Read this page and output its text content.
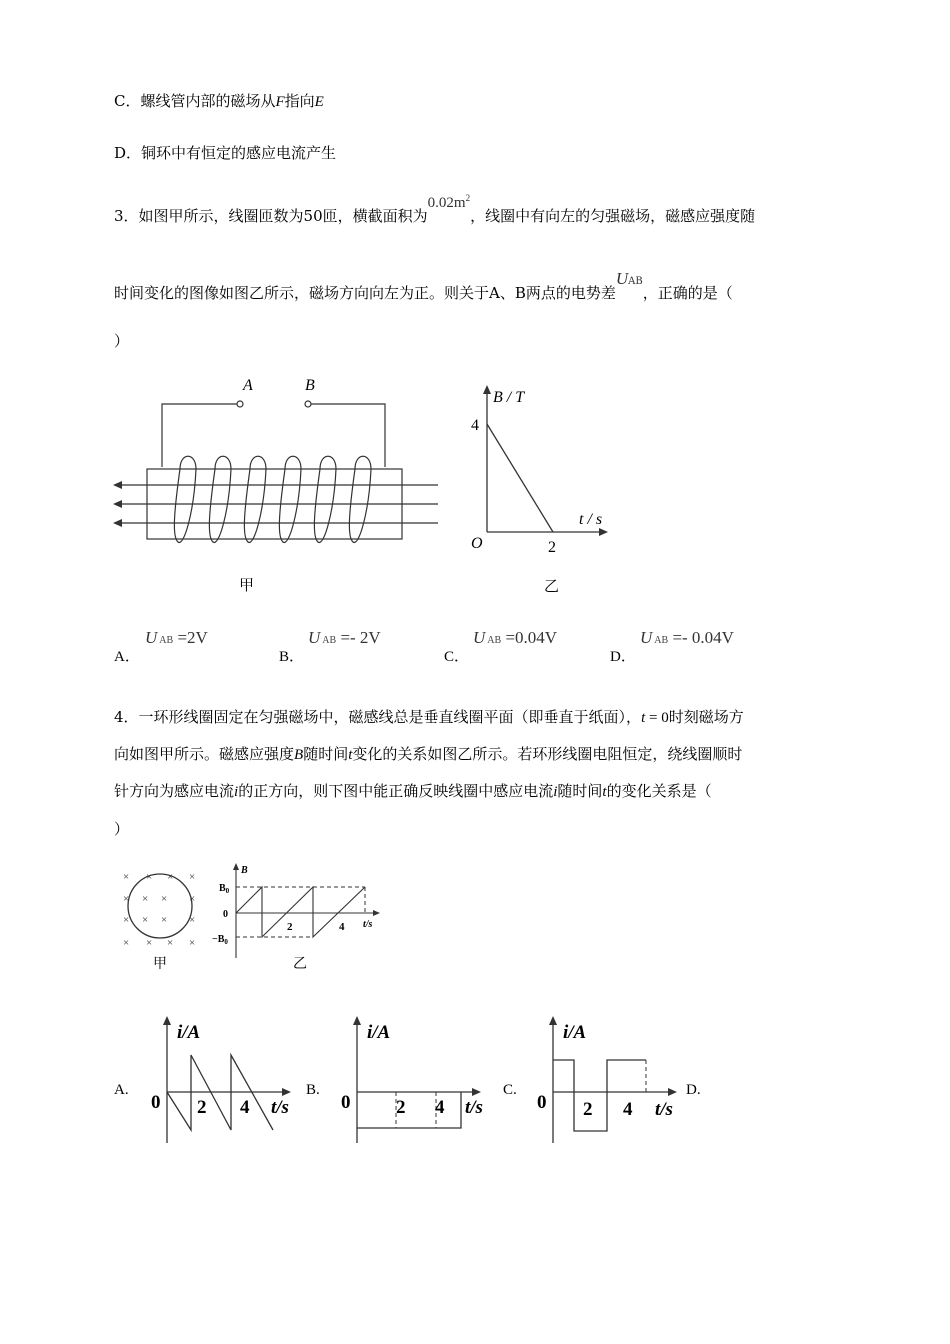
C．螺线管内部的磁场从F指向E
D．铜环中有恒定的感应电流产生
3．如图甲所示，线圈匝数为50匝，横截面积为$0.02m^2$，线圈中有向左的匀强磁场，磁感应强度随
时间变化的图像如图乙所示，磁场方向向左为正。则关于A、B两点的电势差UAB，正确的是（
）
A	B
甲
B / T
4
t / s
O	2
乙
A．
UAB =2V
B．
UAB =- 2V
C．
UAB =0.04V
D．
UAB =- 0.04V
4．一环形线圈固定在匀强磁场中，磁感线总是垂直线圈平面（即垂直于纸面），t = 0时刻磁场方
向如图甲所示。磁感应强度B随时间t变化的关系如图乙所示。若环形线圈电阻恒定，绕线圈顺时
针方向为感应电流i的正方向，则下图中能正确反映线圈中感应电流i随时间t的变化关系是（
）
× × × ×
× × × ×
× × × ×
× × × ×
甲
B
$B_0$
0
$-B_0$
2	4 t/s
乙
A.
i/A
0 2 4 t/s
B.
i/A
0 2 4 t/s
C.
i/A
0 2 4 t/s
D.
